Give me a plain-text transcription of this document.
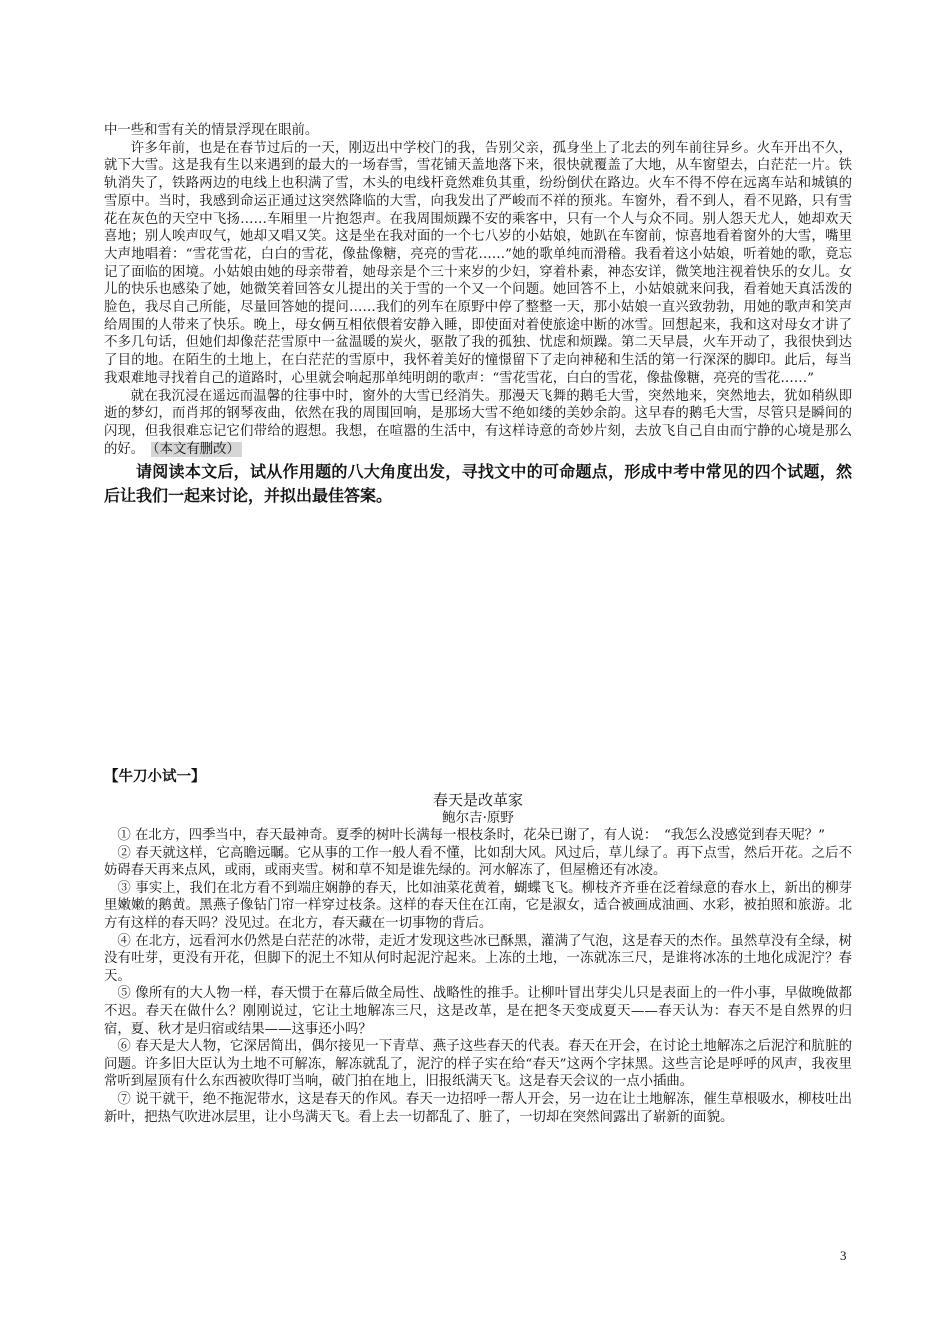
中一些和雪有关的情景浮现在眼前。

许多年前，也是在春节过后的一天，刚迈出中学校门的我，告别父亲，孤身坐上了北去的列车前往异乡。火车开出不久，就下大雪。这是我有生以来遇到的最大的一场春雪，雪花铺天盖地落下来，很快就覆盖了大地，从车窗望去，白茫茫一片。铁轨消失了，铁路两边的电线上也积满了雪，木头的电线杆竟然难负其重，纷纷倒伏在路边。火车不得不停在远离车站和城镇的雪原中。当时，我感到命运正通过这突然降临的大雪，向我发出了严峻而不祥的预兆。车窗外，看不到人，看不见路，只有雪花在灰色的天空中飞扬……车厢里一片抱怨声。在我周围烦躁不安的乘客中，只有一个人与众不同。别人怨天尤人，她却欢天喜地；别人唉声叹气，她却又唱又笑。这是坐在我对面的一个七八岁的小姑娘，她趴在车窗前，惊喜地看着窗外的大雪，嘴里大声地唱着：“雪花雪花，白白的雪花，像盐像糖，亮亮的雪花……”她的歌单纯而滑稽。我看着这小姑娘，听着她的歌，竟忘记了面临的困境。小姑娘由她的母亲带着，她母亲是个三十来岁的少妇，穿着朴素，神态安详，微笑地注视着快乐的女儿。女儿的快乐也感染了她，她微笑着回答女儿提出的关于雪的一个又一个问题。她回答不上，小姑娘就来问我，看着她天真活泼的脸色，我尽自己所能，尽量回答她的提问……我们的列车在原野中停了整整一天，那小姑娘一直兴致勃勃，用她的歌声和笑声给周围的人带来了快乐。晚上，母女俩互相依偎着安静入睡，即使面对着使旅途中断的冰雪。回想起来，我和这对母女才讲了不多几句话，但她们却像茫茫雪原中一盆温暖的炭火，驱散了我的孤独、忧虑和烦躁。第二天早晨，火车开动了，我很快到达了目的地。在陌生的土地上，在白茫茫的雪原中，我怀着美好的憧憬留下了走向神秘和生活的第一行深深的脚印。此后，每当我艰难地寻找着自己的道路时，心里就会响起那单纯明朗的歌声：“雪花雪花，白白的雪花，像盐像糖，亮亮的雪花……”

就在我沉浸在遥远而温馨的往事中时，窗外的大雪已经消失。那漫天飞舞的鹅毛大雪，突然地来，突然地去，犹如稍纵即逝的梦幻，而肖邦的钢琴夜曲，依然在我的周围回响，是那场大雪不绝如缕的美妙余韵。这早春的鹅毛大雪，尽管只是瞬间的闪现，但我很难忘记它们带给的遐想。我想，在喧嚣的生活中，有这样诗意的奇妙片刻，去放飞自己自由而宁静的心境是那么的好。　 （本文有删改）

请阅读本文后，试从作用题的八大角度出发，寻找文中的可命题点，形成中考中常见的四个试题，然后让我们一起来讨论，并拟出最佳答案。

【牛刀小试一】

春天是改革家

鲍尔吉·原野

① 在北方，四季当中，春天最神奇。夏季的树叶长满每一根枝条时，花朵已谢了，有人说：　“我怎么没感觉到春天呢？”

② 春天就这样，它高瞻远瞩。它从事的工作一般人看不懂，比如刮大风。风过后，草儿绿了。再下点雪，然后开花。之后不妨碍春天再来点风，或雨，或雨夹雪。树和草不知是谁先绿的。河水解冻了，但屋檐还有冰凌。

③ 事实上，我们在北方看不到端庄娴静的春天，比如油菜花黄着，蝴蝶飞飞。柳枝齐齐垂在泛着绿意的春水上，新出的柳芽里嫩嫩的鹅黄。黑燕子像钻门帘一样穿过枝条。这样的春天住在江南，它是淑女，适合被画成油画、水彩，被拍照和旅游。北方有这样的春天吗？没见过。在北方，春天藏在一切事物的背后。

④ 在北方，远看河水仍然是白茫茫的冰带，走近才发现这些冰已酥黑，灌满了气泡，这是春天的杰作。虽然草没有全绿，树没有吐芽，更没有开花，但脚下的泥土不知从何时起泥泞起来。上冻的土地，一冻就冻三尺，是谁将冰冻的土地化成泥泞？春天。

⑤ 像所有的大人物一样，春天惯于在幕后做全局性、战略性的推手。让柳叶冒出芽尖儿只是表面上的一件小事，早做晚做都不迟。春天在做什么？刚刚说过，它让土地解冻三尺，这是改革，是在把冬天变成夏天——春天认为：春天不是自然界的归宿，夏、秋才是归宿或结果——这事还小吗？

⑥ 春天是大人物，它深居简出，偶尔接见一下青草、燕子这些春天的代表。春天在开会，在讨论土地解冻之后泥泞和肮脏的问题。许多旧大臣认为土地不可解冻，解冻就乱了，泥泞的样子实在给“春天”这两个字抹黑。这些言论是呼呼的风声，我夜里常听到屋顶有什么东西被吹得叮当响，破门拍在地上，旧报纸满天飞。这是春天会议的一点小插曲。

⑦ 说干就干，绝不拖泥带水，这是春天的作风。春天一边招呼一帮人开会，另一边在让土地解冻，催生草根吸水，柳枝吐出新叶，把热气吹进冰层里，让小鸟满天飞。看上去一切都乱了、脏了，一切却在突然间露出了崭新的面貌。

3
